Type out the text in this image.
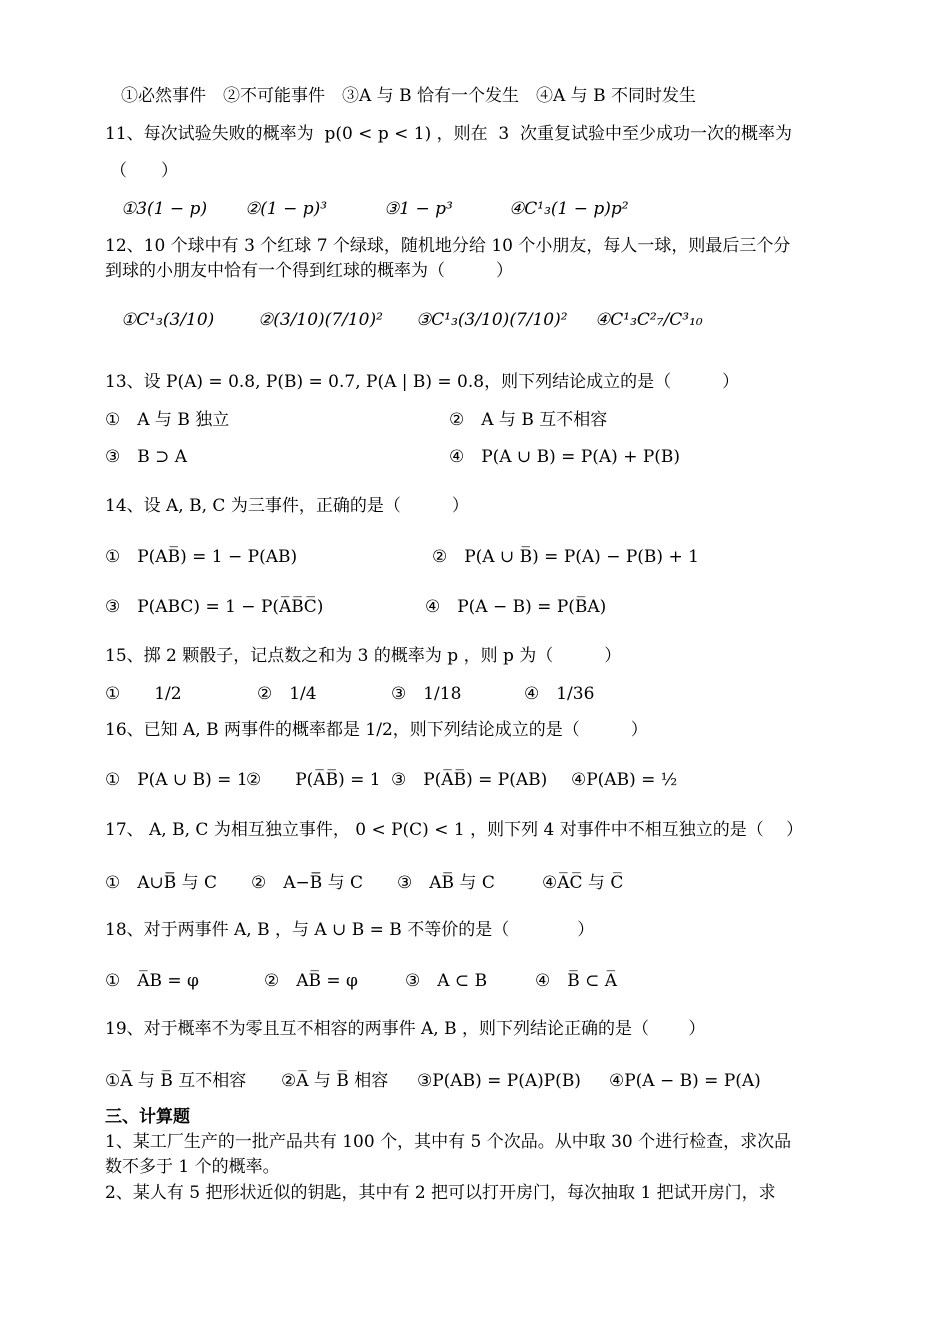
①必然事件　②不可能事件　③A 与 B 恰有一个发生　④A 与 B 不同时发生
11、每次试验失败的概率为  p(0 < p < 1) ，则在  3  次重复试验中至少成功一次的概率为
（　　）
①3(1 − p) ②(1 − p)³	③1 − p³	④C¹₃(1 − p)p²
12、10 个球中有 3 个红球 7 个绿球，随机地分给 10 个小朋友，每人一球，则最后三个分
到球的小朋友中恰有一个得到红球的概率为（　　　）
①C¹₃(3/10)	②(3/10)(7/10)² ③C¹₃(3/10)(7/10)² ④C¹₃C²₇/C³₁₀
13、设 P(A) = 0.8, P(B) = 0.7, P(A | B) = 0.8，则下列结论成立的是（　　　）
①　A 与 B 独立	②　A 与 B 互不相容
③　B ⊃ A	④　P(A ∪ B) = P(A) + P(B)
14、设 A, B, C 为三事件，正确的是（　　　）
①　P(AB̅) = 1 − P(AB)	②　P(A ∪ B̅) = P(A) − P(B) + 1
③　P(ABC) = 1 − P(A̅B̅C̅)	④　P(A − B) = P(B̅A)
15、掷 2 颗骰子，记点数之和为 3 的概率为 p ，则 p 为（　　　）
①　　1/2	②　1/4	③　1/18	④　1/36
16、已知 A, B 两事件的概率都是 1/2，则下列结论成立的是（　　　）
①　P(A ∪ B) = 1
②　　P(A̅B̅) = 1 ③　P(A̅B̅) = P(AB) ④P(AB) = ½
17、 A, B, C 为相互独立事件， 0 < P(C) < 1 ，则下列 4 对事件中不相互独立的是（　 ）
①　A∪B̅̅̅̅ 与 C ②　A−B̅̅̅̅ 与 C ③　AB̅̅ 与 C	④A̅C̅ 与 C̅
18、对于两事件 A, B ，与 A ∪ B = B 不等价的是（　　　　）
①　A̅B = φ	②　AB̅ = φ	③　A ⊂ B	④　B̅ ⊂ A̅
19、对于概率不为零且互不相容的两事件 A, B ，则下列结论正确的是（　　 ）
①A̅ 与 B̅ 互不相容 ②A̅ 与 B̅ 相容 ③P(AB) = P(A)P(B) ④P(A − B) = P(A)
三、计算题
1、某工厂生产的一批产品共有 100 个，其中有 5 个次品。从中取 30 个进行检查，求次品
数不多于 1 个的概率。
2、某人有 5 把形状近似的钥匙，其中有 2 把可以打开房门，每次抽取 1 把试开房门，求
